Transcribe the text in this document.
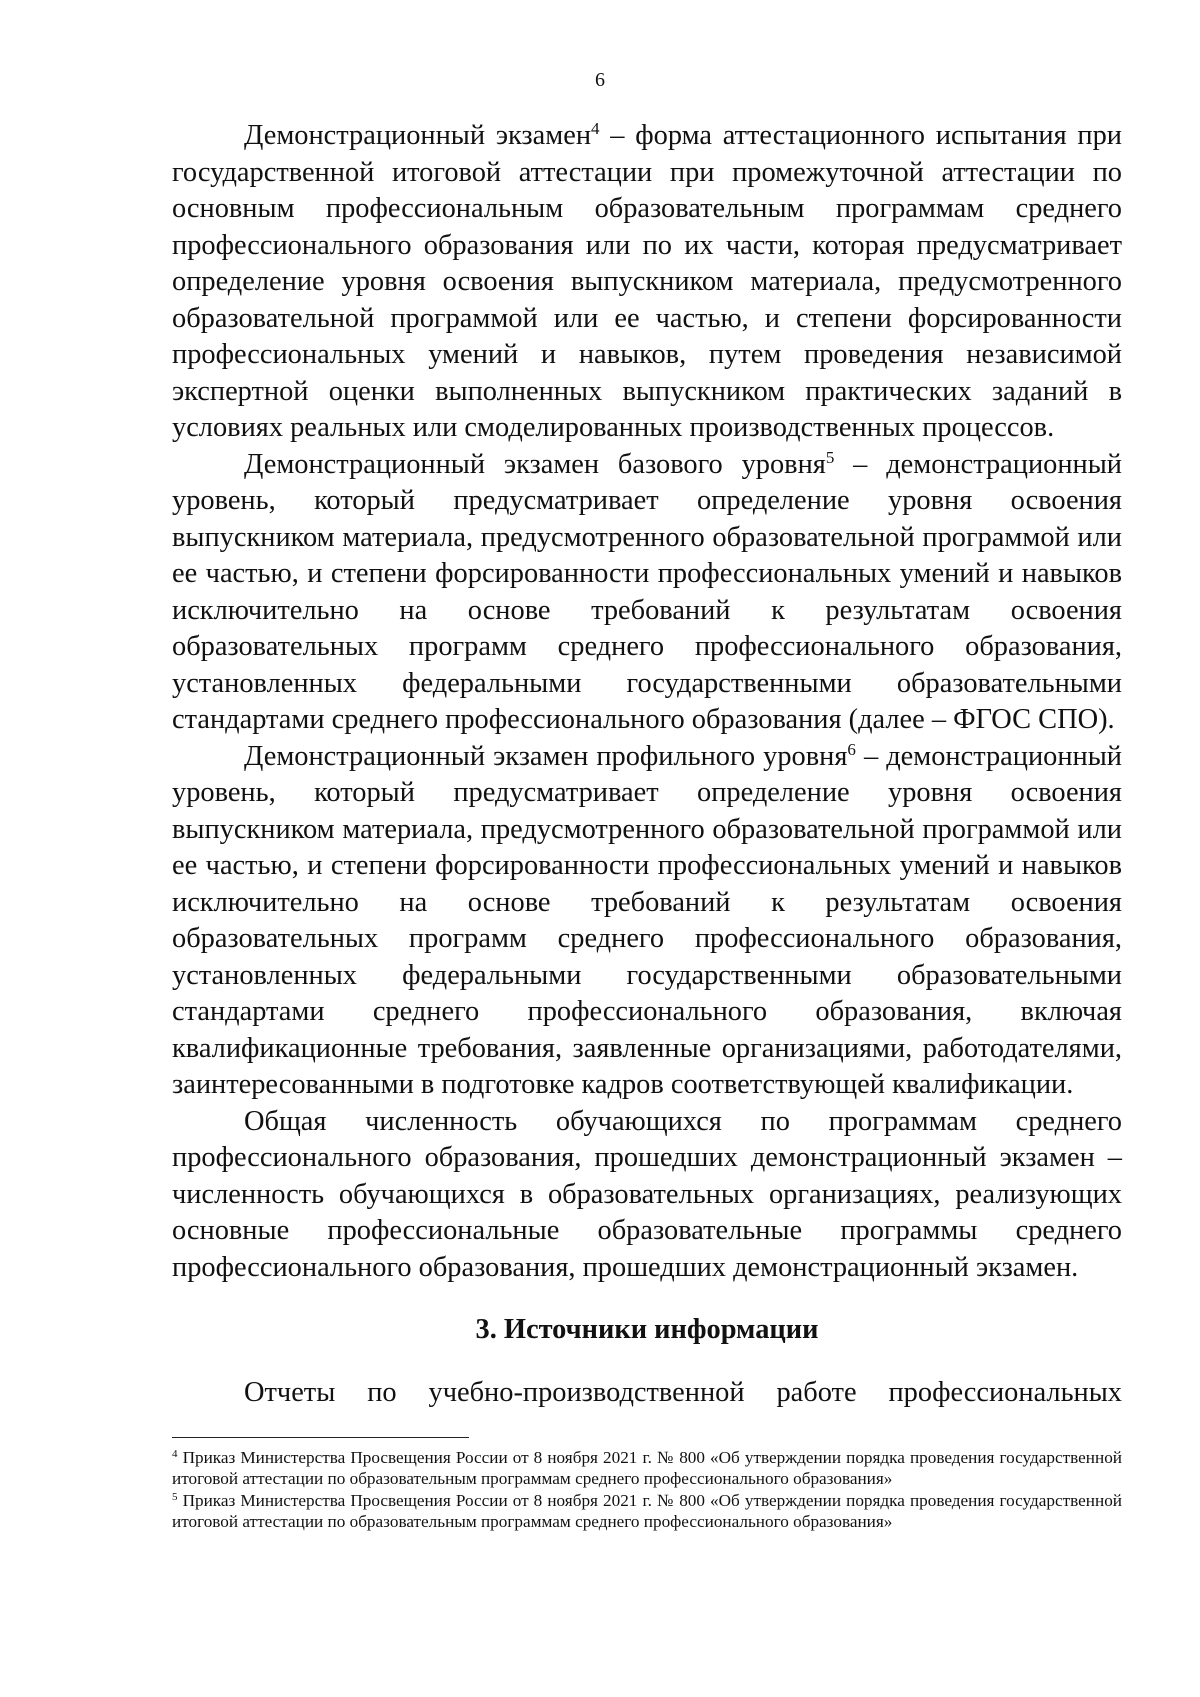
6

Демонстрационный экзамен$^4$ – форма аттестационного испытания при государственной итоговой аттестации при промежуточной аттестации по основным профессиональным образовательным программам среднего профессионального образования или по их части, которая предусматривает определение уровня освоения выпускником материала, предусмотренного образовательной программой или ее частью, и степени форсированности профессиональных умений и навыков, путем проведения независимой экспертной оценки выполненных выпускником практических заданий в условиях реальных или смоделированных производственных процессов.

Демонстрационный экзамен базового уровня$^5$ – демонстрационный уровень, который предусматривает определение уровня освоения выпускником материала, предусмотренного образовательной программой или ее частью, и степени форсированности профессиональных умений и навыков исключительно на основе требований к результатам освоения образовательных программ среднего профессионального образования, установленных федеральными государственными образовательными стандартами среднего профессионального образования (далее – ФГОС СПО).

Демонстрационный экзамен профильного уровня$^6$ – демонстрационный уровень, который предусматривает определение уровня освоения выпускником материала, предусмотренного образовательной программой или ее частью, и степени форсированности профессиональных умений и навыков исключительно на основе требований к результатам освоения образовательных программ среднего профессионального образования, установленных федеральными государственными образовательными стандартами среднего профессионального образования, включая квалификационные требования, заявленные организациями, работодателями, заинтересованными в подготовке кадров соответствующей квалификации.

Общая численность обучающихся по программам среднего профессионального образования, прошедших демонстрационный экзамен – численность обучающихся в образовательных организациях, реализующих основные профессиональные образовательные программы среднего профессионального образования, прошедших демонстрационный экзамен.

3. Источники информации

Отчеты по учебно-производственной работе профессиональных

$^4$ Приказ Министерства Просвещения России от 8 ноября 2021 г. № 800 «Об утверждении порядка проведения государственной итоговой аттестации по образовательным программам среднего профессионального образования»

$^5$ Приказ Министерства Просвещения России от 8 ноября 2021 г. № 800 «Об утверждении порядка проведения государственной итоговой аттестации по образовательным программам среднего профессионального образования»
